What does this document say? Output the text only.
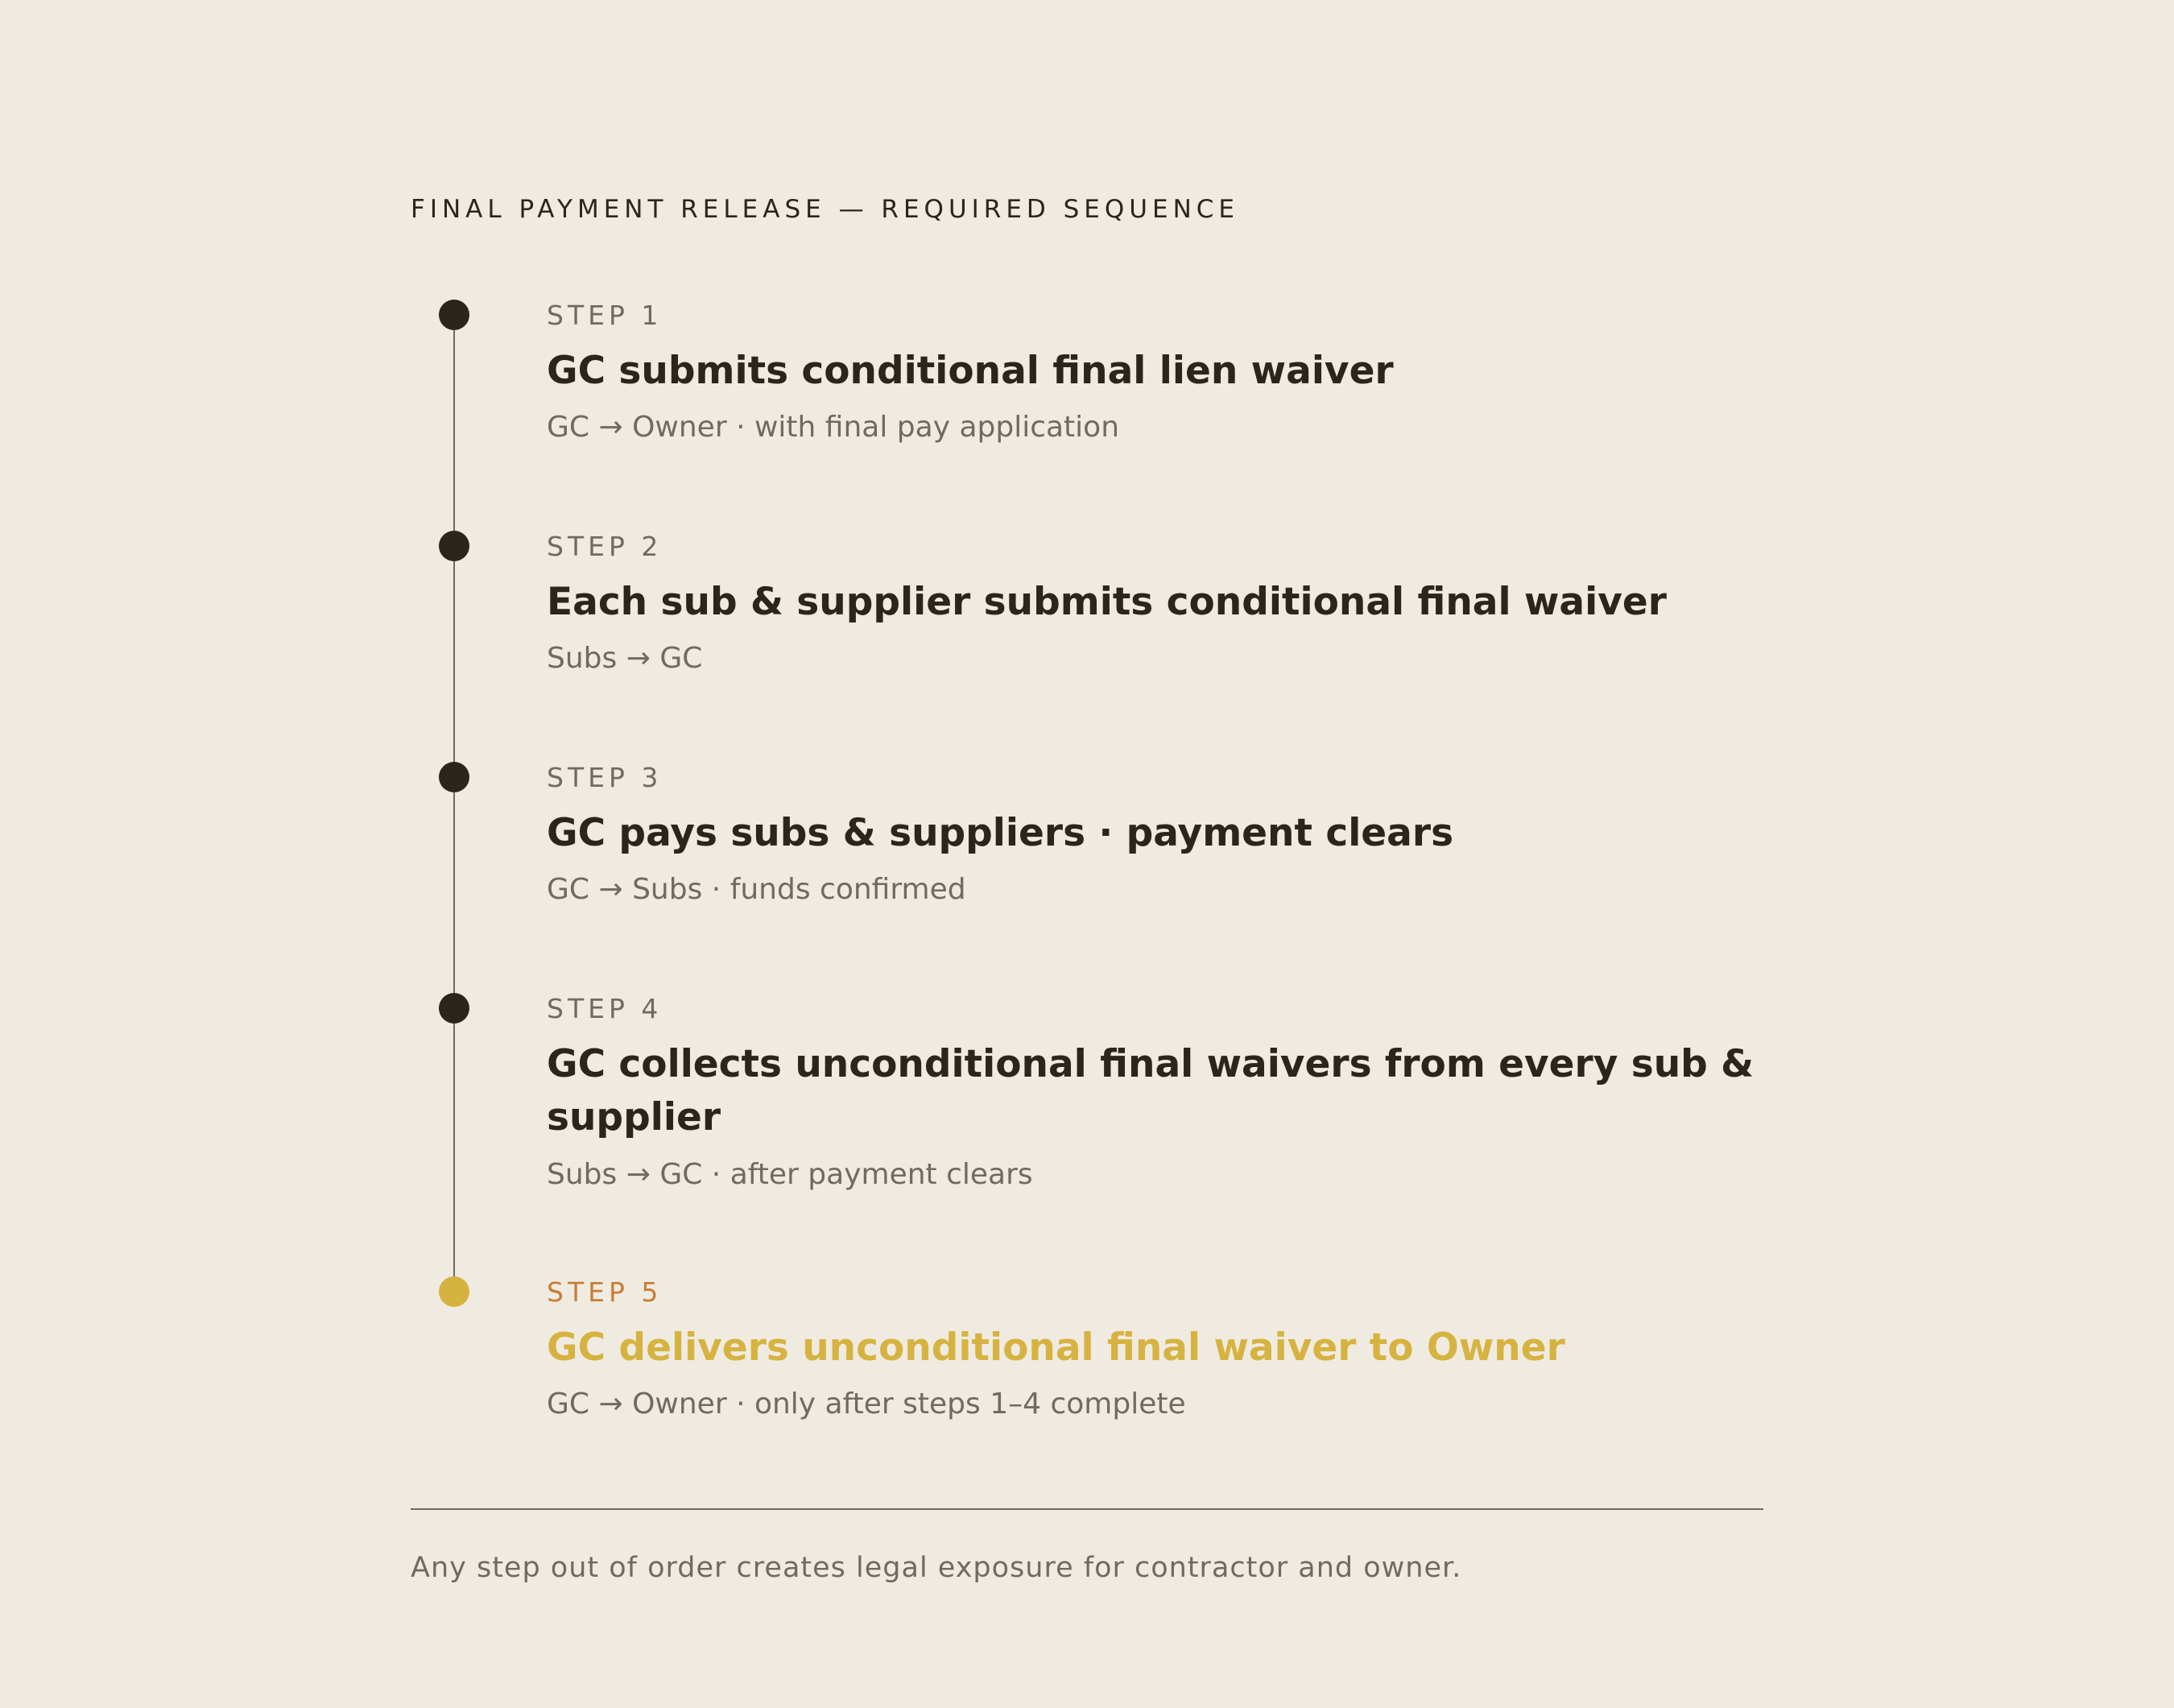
FINAL PAYMENT RELEASE — REQUIRED SEQUENCE
STEP 1
GC submits conditional final lien waiver
GC → Owner · with final pay application
STEP 2
Each sub & supplier submits conditional final waiver
Subs → GC
STEP 3
GC pays subs & suppliers · payment clears
GC → Subs · funds confirmed
STEP 4
GC collects unconditional final waivers from every sub & supplier
Subs → GC · after payment clears
STEP 5
GC delivers unconditional final waiver to Owner
GC → Owner · only after steps 1–4 complete
Any step out of order creates legal exposure for contractor and owner.
